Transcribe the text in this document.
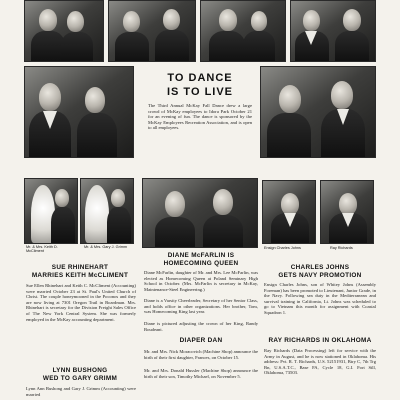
TO DANCE
IS TO LIVE
The Third Annual McKay Fall Dance drew a large crowd of McKay employees to Idora Park October 21 for an evening of fun. The dance is sponsored by the McKay Employees Recreation Association, and is open to all employees.
Mr. & Mrs. Keith D. McCliment
Mr. & Mrs. Gary J. Grimm	Ensign Charles Johns	Ray Richards
SUE RHINEHART
MARRIES KEITH McCLIMENT
Sue Ellen Rhinehart and Keith C. McCliment (Accounting) were married October 23 at St. Paul's United Church of Christ. The couple honeymooned in the Poconos and they are now living at 7301 Oregon Trail in Boardman. Mrs. Rhinehart is secretary for the Division Freight Sales Office of The New York Central System. She was formerly employed in the McKay accounting department.
LYNN BUSHONG
WED TO GARY GRIMM
Lynn Ann Bushong and Gary J. Grimm (Accounting) were married
DIANE McFARLIN IS
HOMECOMING QUEEN
Diane McFarlin, daughter of Mr. and Mrs. Lee McFarlin, was elected as Homecoming Queen at Poland Seminary High School in October. (Mrs. McFarlin is secretary in McKay, Maintenance-Steel Engineering.)
Diane is a Varsity Cheerleader, Secretary of her Senior Class, and holds office in other organizations. Her brother, Tom, was Homecoming King last year.
Diane is pictured adjusting the crown of her King, Randy Boudeant.
DIAPER DAN
Mr. and Mrs. Nick Moracovich (Machine Shop) announce the birth of their first daughter, Frances, on October 15.
Mr. and Mrs. Donald Hussler (Machine Shop) announce the birth of their son, Timothy Michael, on November 5.
CHARLES JOHNS
GETS NAVY PROMOTION
Ensign Charles Johns, son of Whitey Johns (Assembly Foreman) has been promoted to Lieutenant, Junior Grade, in the Navy. Following sea duty in the Mediterranean and survival training in California, Lt. Johns was scheduled to go to Vietnam this month for assignment with Coastal Squadron 1.
RAY RICHARDS IN OKLAHOMA
Ray Richards (Data Processing) left for service with the Army in August, and he is now stationed in Oklahoma. His address: Pvt. R. T. Richards, U.S. 52151931, Btry C, 7th Trg Bn, U.S.A.T.C., Base FA, Cycle 18, G.I. Fort Sill, Oklahoma, 73503.
